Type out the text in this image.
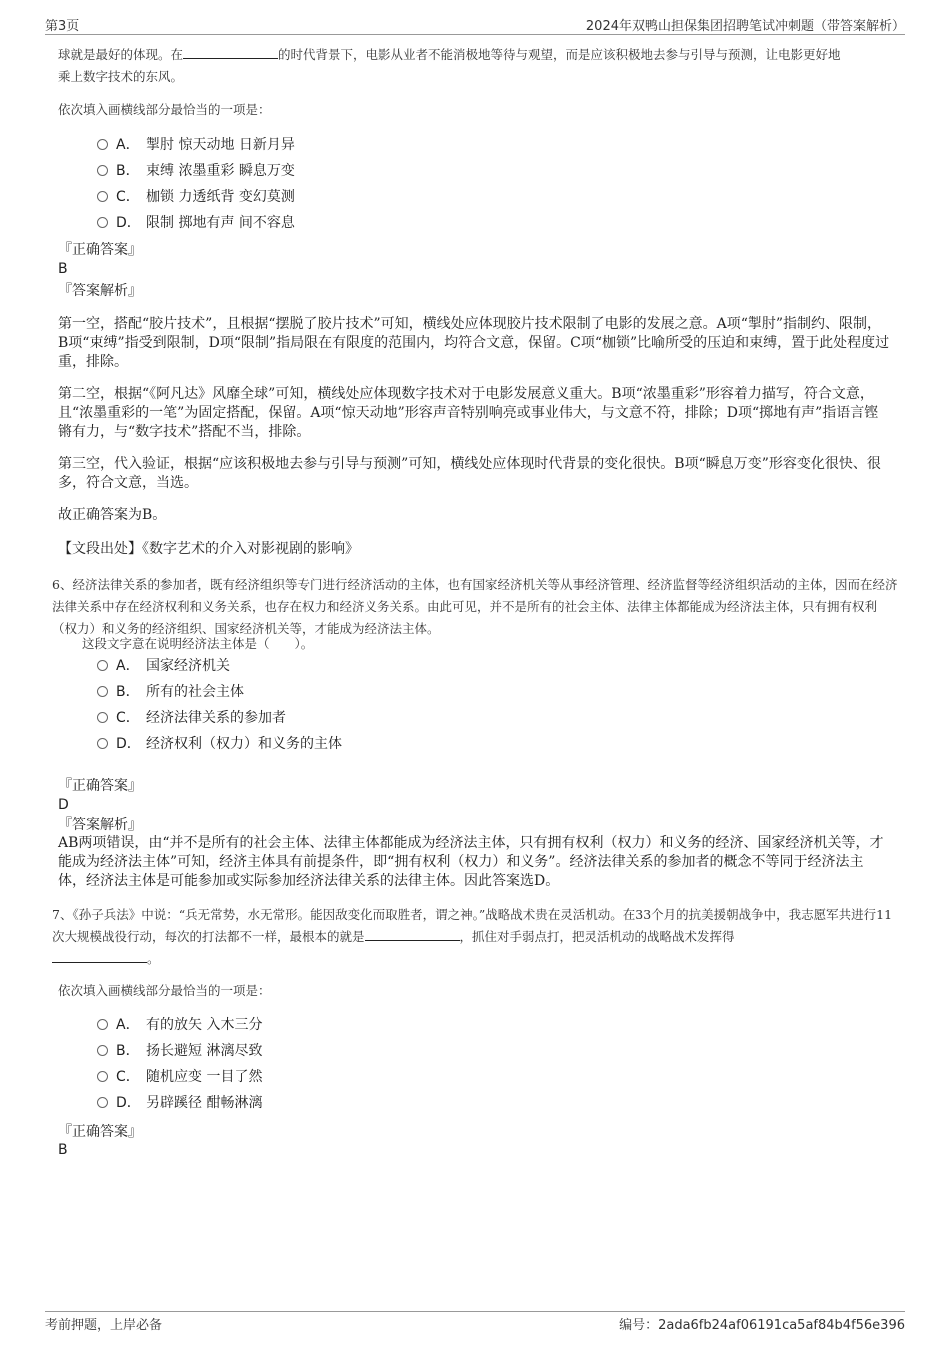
第3页	2024年双鸭山担保集团招聘笔试冲刺题（带答案解析）
球就是最好的体现。在	的时代背景下，电影从业者不能消极地等待与观望，而是应该积极地去参与引导与预测，让电影更好地
乘上数字技术的东风。
依次填入画横线部分最恰当的一项是：
A． 掣肘 惊天动地 日新月异
B． 束缚 浓墨重彩 瞬息万变
C． 枷锁 力透纸背 变幻莫测
D． 限制 掷地有声 间不容息
『正确答案』
B
『答案解析』
第一空，搭配“胶片技术”，且根据“摆脱了胶片技术”可知，横线处应体现胶片技术限制了电影的发展之意。A项“掣肘”指制约、限制，B项“束缚”指受到限制，D项“限制”指局限在有限度的范围内，均符合文意，保留。C项“枷锁”比喻所受的压迫和束缚，置于此处程度过重，排除。
第二空，根据“《阿凡达》风靡全球”可知，横线处应体现数字技术对于电影发展意义重大。B项“浓墨重彩”形容着力描写，符合文意，且“浓墨重彩的一笔”为固定搭配，保留。A项“惊天动地”形容声音特别响亮或事业伟大，与文意不符，排除；D项“掷地有声”指语言铿锵有力，与“数字技术”搭配不当，排除。
第三空，代入验证，根据“应该积极地去参与引导与预测”可知，横线处应体现时代背景的变化很快。B项“瞬息万变”形容变化很快、很多，符合文意，当选。
故正确答案为B。
【文段出处】《数字艺术的介入对影视剧的影响》
6、经济法律关系的参加者，既有经济组织等专门进行经济活动的主体，也有国家经济机关等从事经济管理、经济监督等经济组织活动的主体，因而在经济法律关系中存在经济权利和义务关系，也存在权力和经济义务关系。由此可见，并不是所有的社会主体、法律主体都能成为经济法主体，只有拥有权利（权力）和义务的经济组织、国家经济机关等，才能成为经济法主体。
这段文字意在说明经济法主体是（　　）。
A． 国家经济机关
B． 所有的社会主体
C． 经济法律关系的参加者
D． 经济权利（权力）和义务的主体
『正确答案』
D
『答案解析』
AB两项错误，由“并不是所有的社会主体、法律主体都能成为经济法主体，只有拥有权利（权力）和义务的经济、国家经济机关等，才能成为经济法主体”可知，经济主体具有前提条件，即“拥有权利（权力）和义务”。经济法律关系的参加者的概念不等同于经济法主体，经济法主体是可能参加或实际参加经济法律关系的法律主体。因此答案选D。
7、《孙子兵法》中说：“兵无常势，水无常形。能因敌变化而取胜者，谓之神。”战略战术贵在灵活机动。在33个月的抗美援朝战争中，我志愿军共进行11次大规模战役行动，每次的打法都不一样，最根本的就是	，抓住对手弱点打，把灵活机动的战略战术发挥得
。
依次填入画横线部分最恰当的一项是：
A． 有的放矢 入木三分
B． 扬长避短 淋漓尽致
C． 随机应变 一目了然
D． 另辟蹊径 酣畅淋漓
『正确答案』
B
考前押题，上岸必备	编号：2ada6fb24af06191ca5af84b4f56e396
